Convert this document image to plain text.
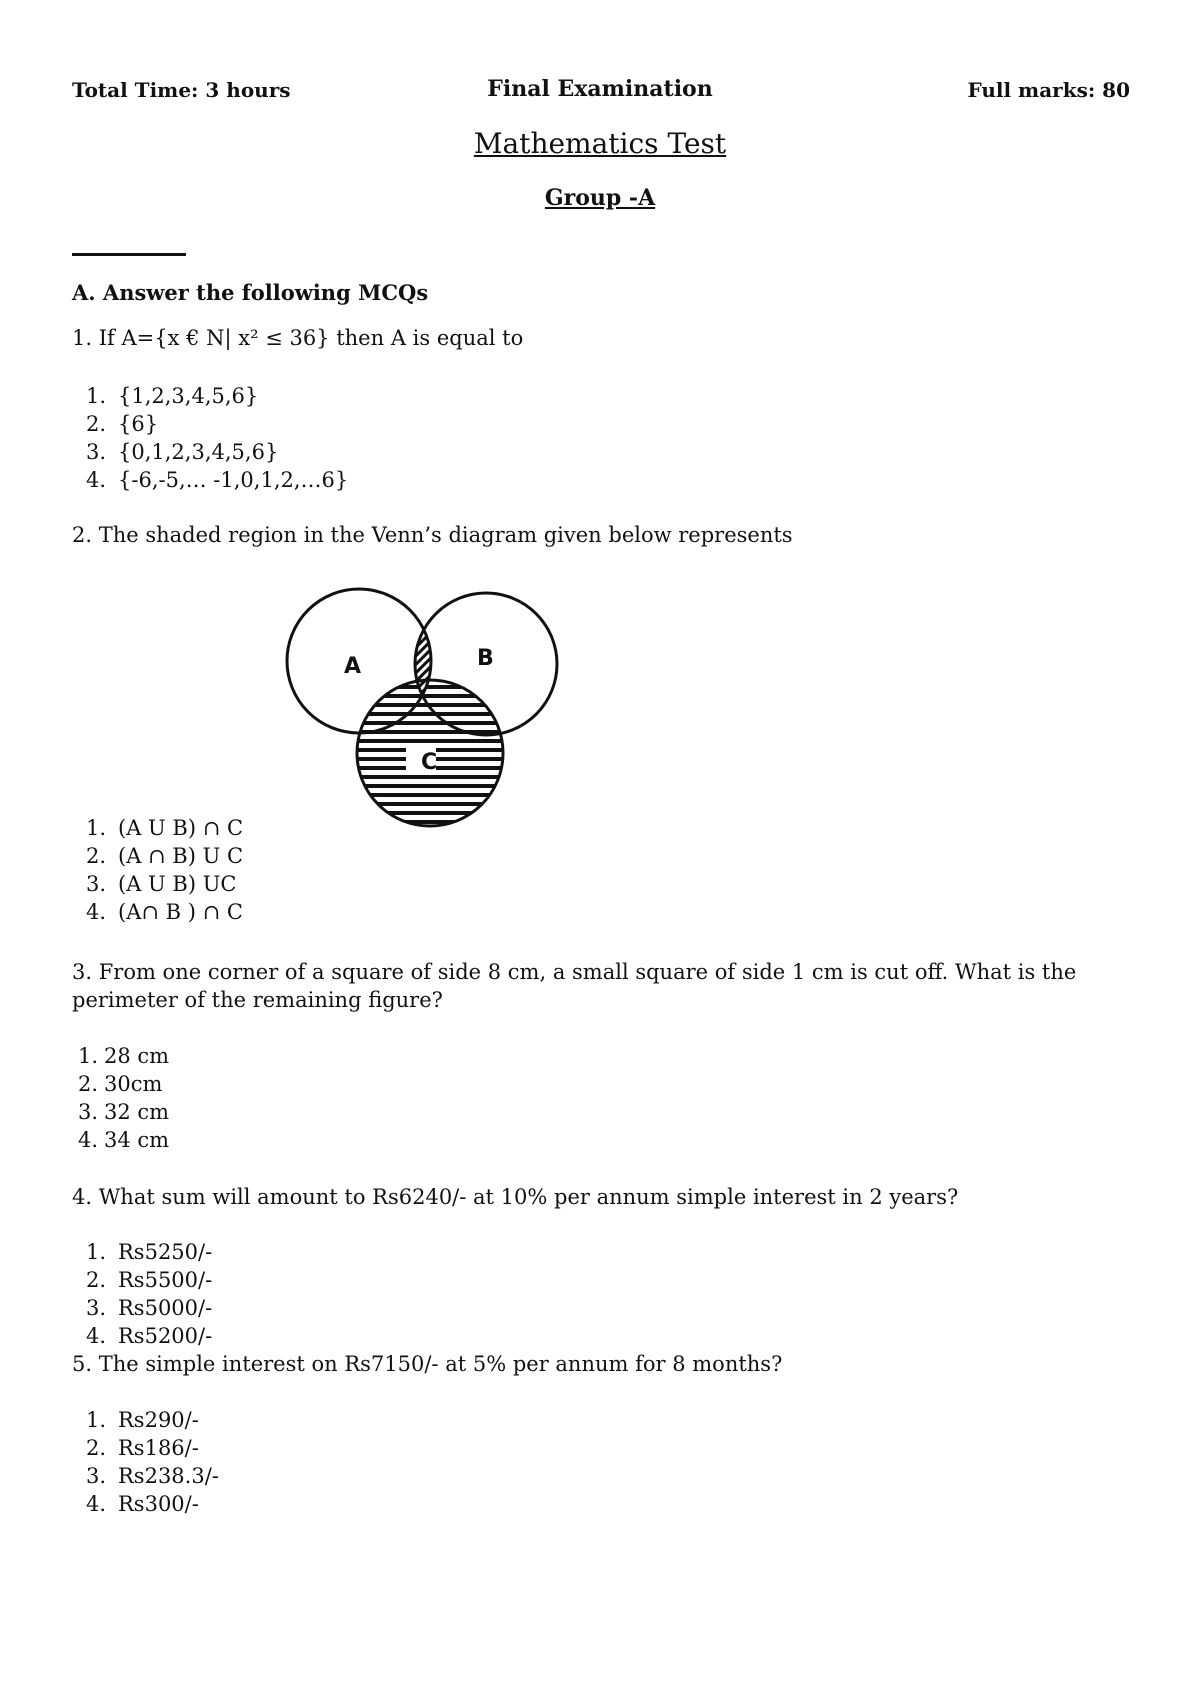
Total Time: 3 hours	Final Examination	Full marks: 80

Mathematics Test

Group -A

A. Answer the following MCQs

1. If A={x € N| x² ≤ 36} then A is equal to

1. {1,2,3,4,5,6}
2. {6}
3. {0,1,2,3,4,5,6}
4. {-6,-5,… -1,0,1,2,…6}

2. The shaded region in the Venn’s diagram given below represents

A	B
C
1. (A U B) ∩ C
2. (A ∩ B) U C
3. (A U B) UC
4. (A∩ B ) ∩ C

3. From one corner of a square of side 8 cm, a small square of side 1 cm is cut off. What is the perimeter of the remaining figure?

1. 28 cm
2. 30cm
3. 32 cm
4. 34 cm

4. What sum will amount to Rs6240/- at 10% per annum simple interest in 2 years?

1. Rs5250/-
2. Rs5500/-
3. Rs5000/-
4. Rs5200/-

5. The simple interest on Rs7150/- at 5% per annum for 8 months?

1. Rs290/-
2. Rs186/-
3. Rs238.3/-
4. Rs300/-
